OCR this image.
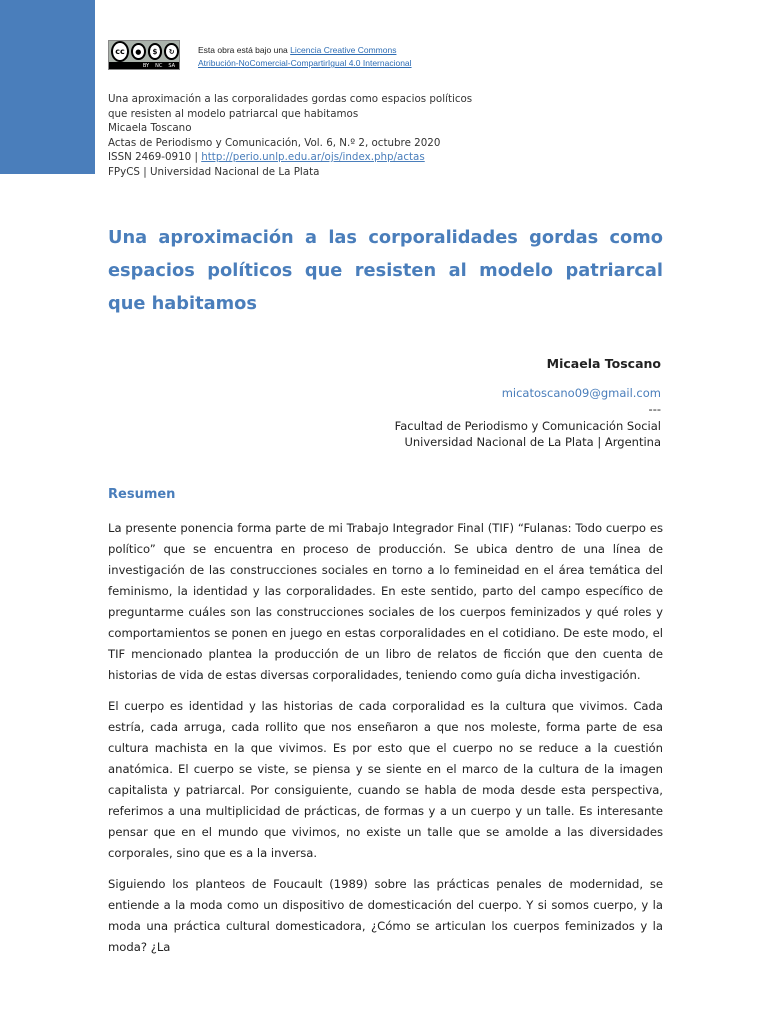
cc	●	$	↻
BY NC SA
Esta obra está bajo una Licencia Creative Commons
Atribución-NoComercial-CompartirIgual 4.0 Internacional
Una aproximación a las corporalidades gordas como espacios políticos
que resisten al modelo patriarcal que habitamos
Micaela Toscano
Actas de Periodismo y Comunicación, Vol. 6, N.º 2, octubre 2020
ISSN 2469-0910 | http://perio.unlp.edu.ar/ojs/index.php/actas
FPyCS | Universidad Nacional de La Plata
Una aproximación a las corporalidades gordas como espacios políticos que resisten al modelo patriarcal que habitamos
Micaela Toscano
micatoscano09@gmail.com
---
Facultad de Periodismo y Comunicación Social
Universidad Nacional de La Plata | Argentina
Resumen

La presente ponencia forma parte de mi Trabajo Integrador Final (TIF) “Fulanas: Todo cuerpo es político” que se encuentra en proceso de producción. Se ubica dentro de una línea de investigación de las construcciones sociales en torno a lo femineidad en el área temática del feminismo, la identidad y las corporalidades. En este sentido, parto del campo específico de preguntarme cuáles son las construcciones sociales de los cuerpos feminizados y qué roles y comportamientos se ponen en juego en estas corporalidades en el cotidiano. De este modo, el TIF mencionado plantea la producción de un libro de relatos de ficción que den cuenta de historias de vida de estas diversas corporalidades, teniendo como guía dicha investigación.

El cuerpo es identidad y las historias de cada corporalidad es la cultura que vivimos. Cada estría, cada arruga, cada rollito que nos enseñaron a que nos moleste, forma parte de esa cultura machista en la que vivimos. Es por esto que el cuerpo no se reduce a la cuestión anatómica. El cuerpo se viste, se piensa y se siente en el marco de la cultura de la imagen capitalista y patriarcal. Por consiguiente, cuando se habla de moda desde esta perspectiva, referimos a una multiplicidad de prácticas, de formas y a un cuerpo y un talle. Es interesante pensar que en el mundo que vivimos, no existe un talle que se amolde a las diversidades corporales, sino que es a la inversa.

Siguiendo los planteos de Foucault (1989) sobre las prácticas penales de modernidad, se entiende a la moda como un dispositivo de domesticación del cuerpo. Y si somos cuerpo, y la moda una práctica cultural domesticadora, ¿Cómo se articulan los cuerpos feminizados y la moda? ¿La
